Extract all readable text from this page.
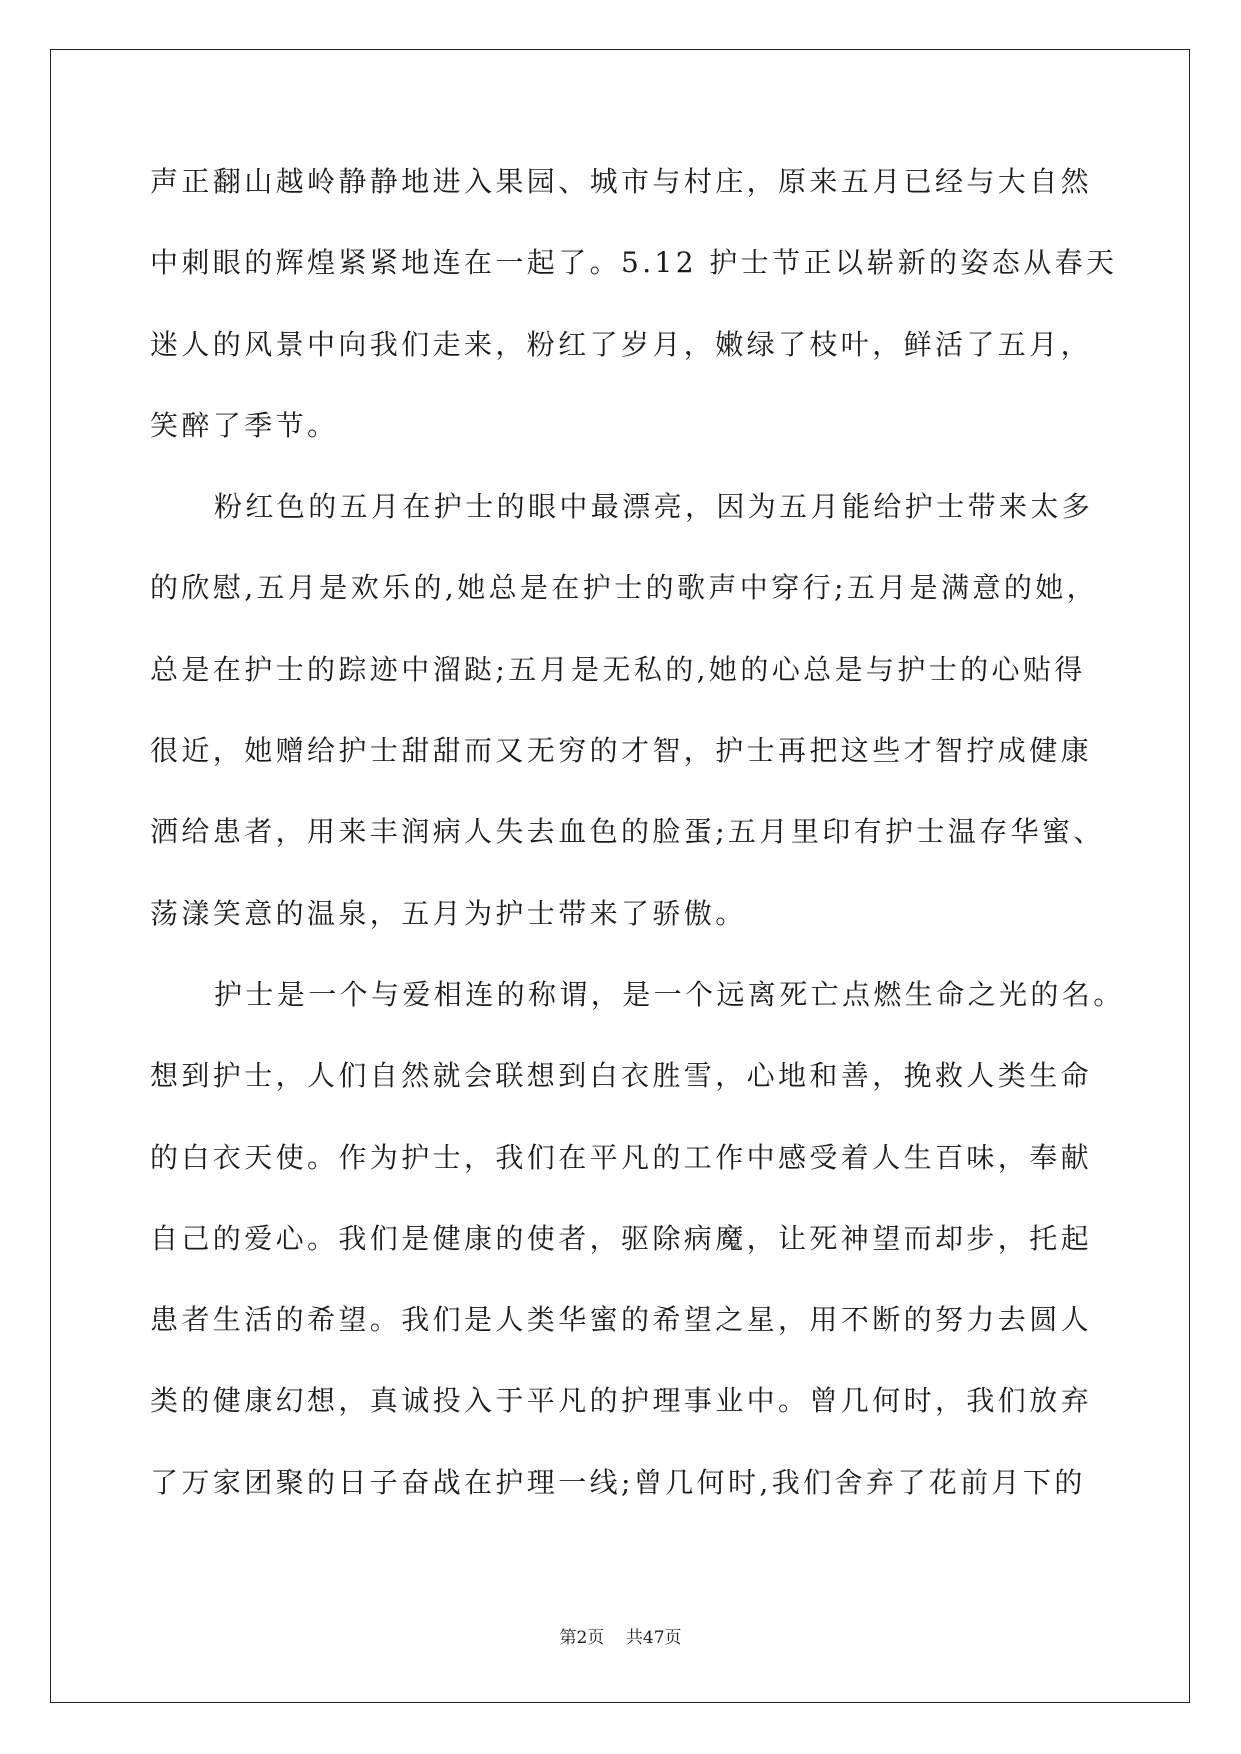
声正翻山越岭静静地进入果园、城市与村庄，原来五月已经与大自然
中刺眼的辉煌紧紧地连在一起了。5.12 护士节正以崭新的姿态从春天
迷人的风景中向我们走来，粉红了岁月，嫩绿了枝叶，鲜活了五月，
笑醉了季节。
粉红色的五月在护士的眼中最漂亮，因为五月能给护士带来太多
的欣慰,五月是欢乐的,她总是在护士的歌声中穿行;五月是满意的她，
总是在护士的踪迹中溜跶;五月是无私的,她的心总是与护士的心贴得
很近，她赠给护士甜甜而又无穷的才智，护士再把这些才智拧成健康
洒给患者，用来丰润病人失去血色的脸蛋;五月里印有护士温存华蜜、
荡漾笑意的温泉，五月为护士带来了骄傲。
护士是一个与爱相连的称谓，是一个远离死亡点燃生命之光的名。
想到护士，人们自然就会联想到白衣胜雪，心地和善，挽救人类生命
的白衣天使。作为护士，我们在平凡的工作中感受着人生百味，奉献
自己的爱心。我们是健康的使者，驱除病魔，让死神望而却步，托起
患者生活的希望。我们是人类华蜜的希望之星，用不断的努力去圆人
类的健康幻想，真诚投入于平凡的护理事业中。曾几何时，我们放弃
了万家团聚的日子奋战在护理一线;曾几何时,我们舍弃了花前月下的
第2页    共47页
